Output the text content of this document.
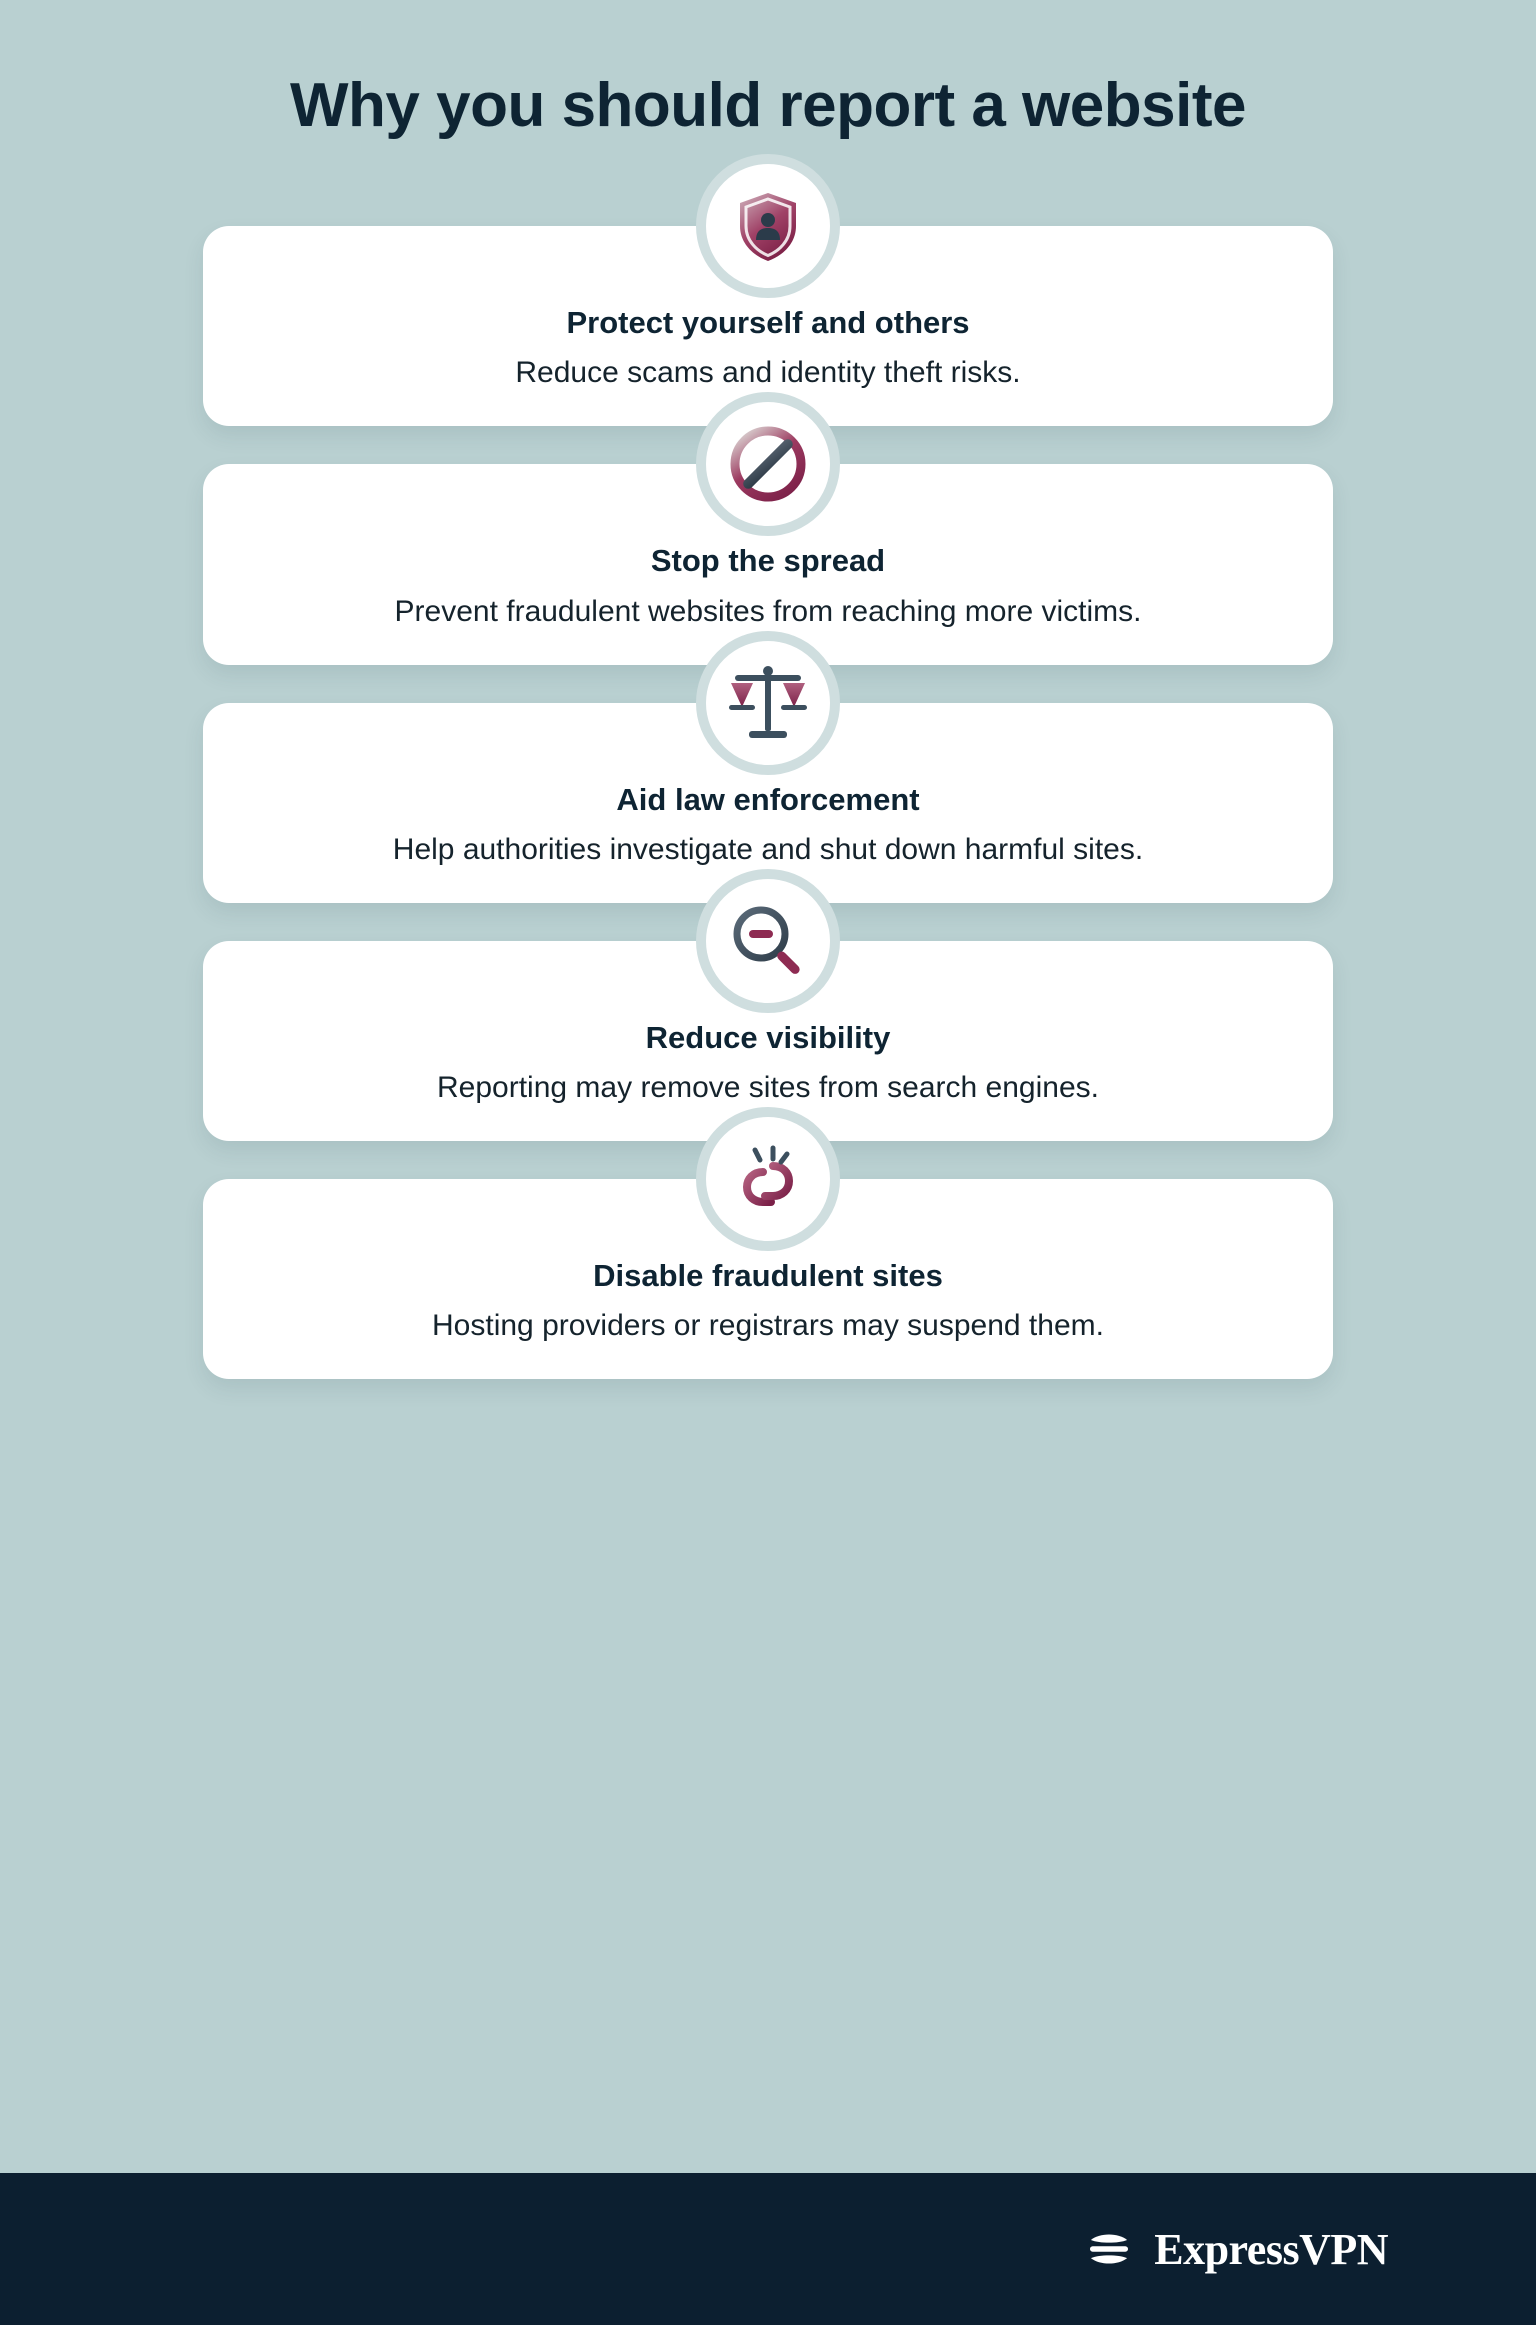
Why you should report a website

Protect yourself and others

Reduce scams and identity theft risks.

Stop the spread

Prevent fraudulent websites from reaching more victims.

Aid law enforcement

Help authorities investigate and shut down harmful sites.

Reduce visibility

Reporting may remove sites from search engines.

Disable fraudulent sites

Hosting providers or registrars may suspend them.

ExpressVPN
